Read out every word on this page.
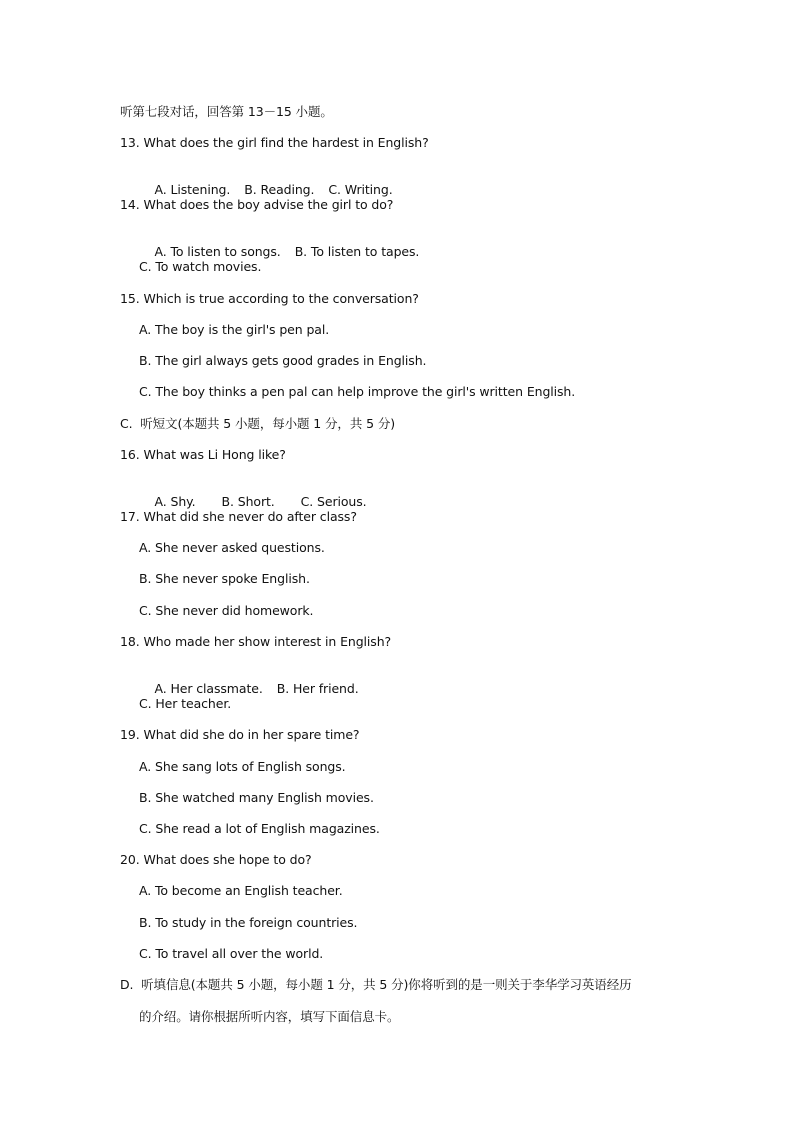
听第七段对话，回答第 13－15 小题。
13. What does the girl find the hardest in English?

A. Listening. B. Reading. C. Writing.

14. What does the boy advise the girl to do?

A. To listen to songs. B. To listen to tapes.

C. To watch movies.
15. Which is true according to the conversation?
A. The boy is the girl's pen pal.
B. The girl always gets good grades in English.
C. The boy thinks a pen pal can help improve the girl's written English.
C.  听短文(本题共 5 小题，每小题 1 分，共 5 分)
16. What was Li Hong like?

A. Shy. B. Short. C. Serious.

17. What did she never do after class?
A. She never asked questions.
B. She never spoke English.
C. She never did homework.
18. Who made her show interest in English?

A. Her classmate. B. Her friend.

C. Her teacher.
19. What did she do in her spare time?
A. She sang lots of English songs.
B. She watched many English movies.
C. She read a lot of English magazines.
20. What does she hope to do?
A. To become an English teacher.
B. To study in the foreign countries.
C. To travel all over the world.
D.  听填信息(本题共 5 小题，每小题 1 分，共 5 分)你将听到的是一则关于李华学习英语经历
的介绍。请你根据所听内容，填写下面信息卡。
